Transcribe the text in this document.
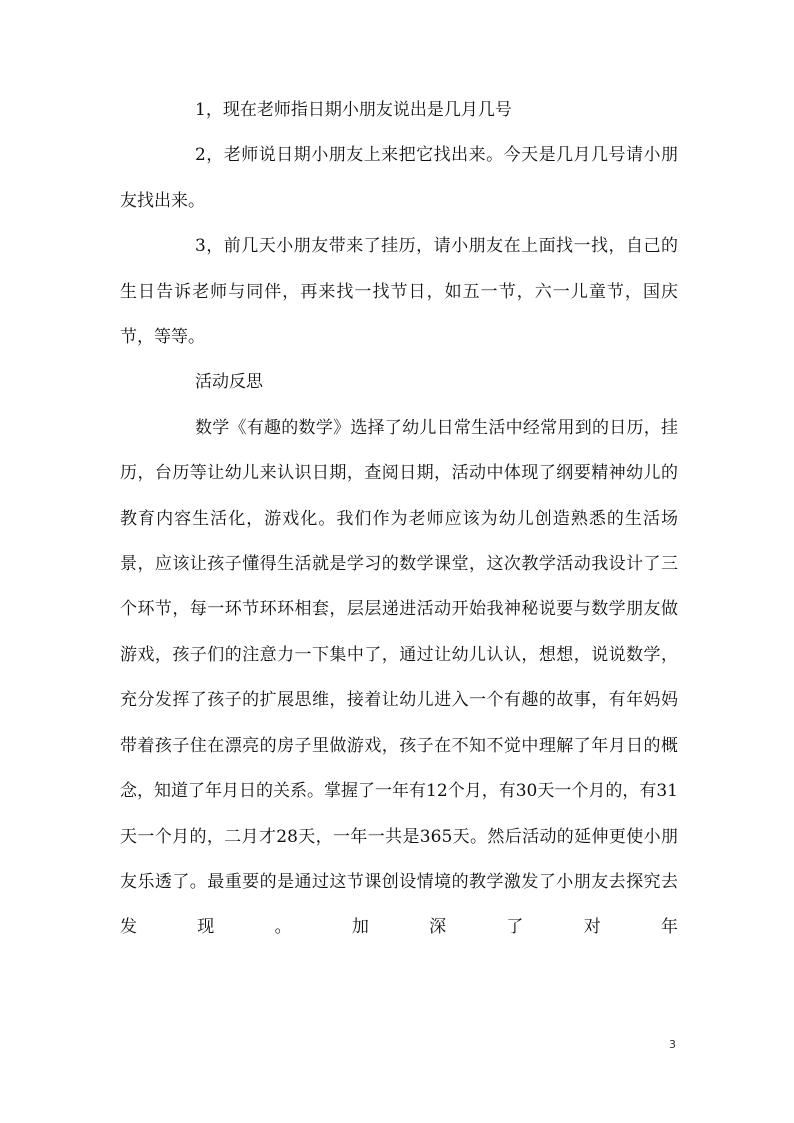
1，现在老师指日期小朋友说出是几月几号

2，老师说日期小朋友上来把它找出来。今天是几月几号请小朋友找出来。

3，前几天小朋友带来了挂历，请小朋友在上面找一找，自己的生日告诉老师与同伴，再来找一找节日，如五一节，六一儿童节，国庆节，等等。

活动反思

数学《有趣的数学》选择了幼儿日常生活中经常用到的日历，挂历，台历等让幼儿来认识日期，查阅日期，活动中体现了纲要精神幼儿的教育内容生活化，游戏化。我们作为老师应该为幼儿创造熟悉的生活场景，应该让孩子懂得生活就是学习的数学课堂，这次教学活动我设计了三个环节，每一环节环环相套，层层递进活动开始我神秘说要与数学朋友做游戏，孩子们的注意力一下集中了，通过让幼儿认认，想想，说说数学，充分发挥了孩子的扩展思维，接着让幼儿进入一个有趣的故事，有年妈妈带着孩子住在漂亮的房子里做游戏，孩子在不知不觉中理解了年月日的概念，知道了年月日的关系。掌握了一年有12个月，有30天一个月的，有31天一个月的，二月才28天，一年一共是365天。然后活动的延伸更使小朋友乐透了。最重要的是通过这节课创设情境的教学激发了小朋友去探究去发现。加深了对年

3
